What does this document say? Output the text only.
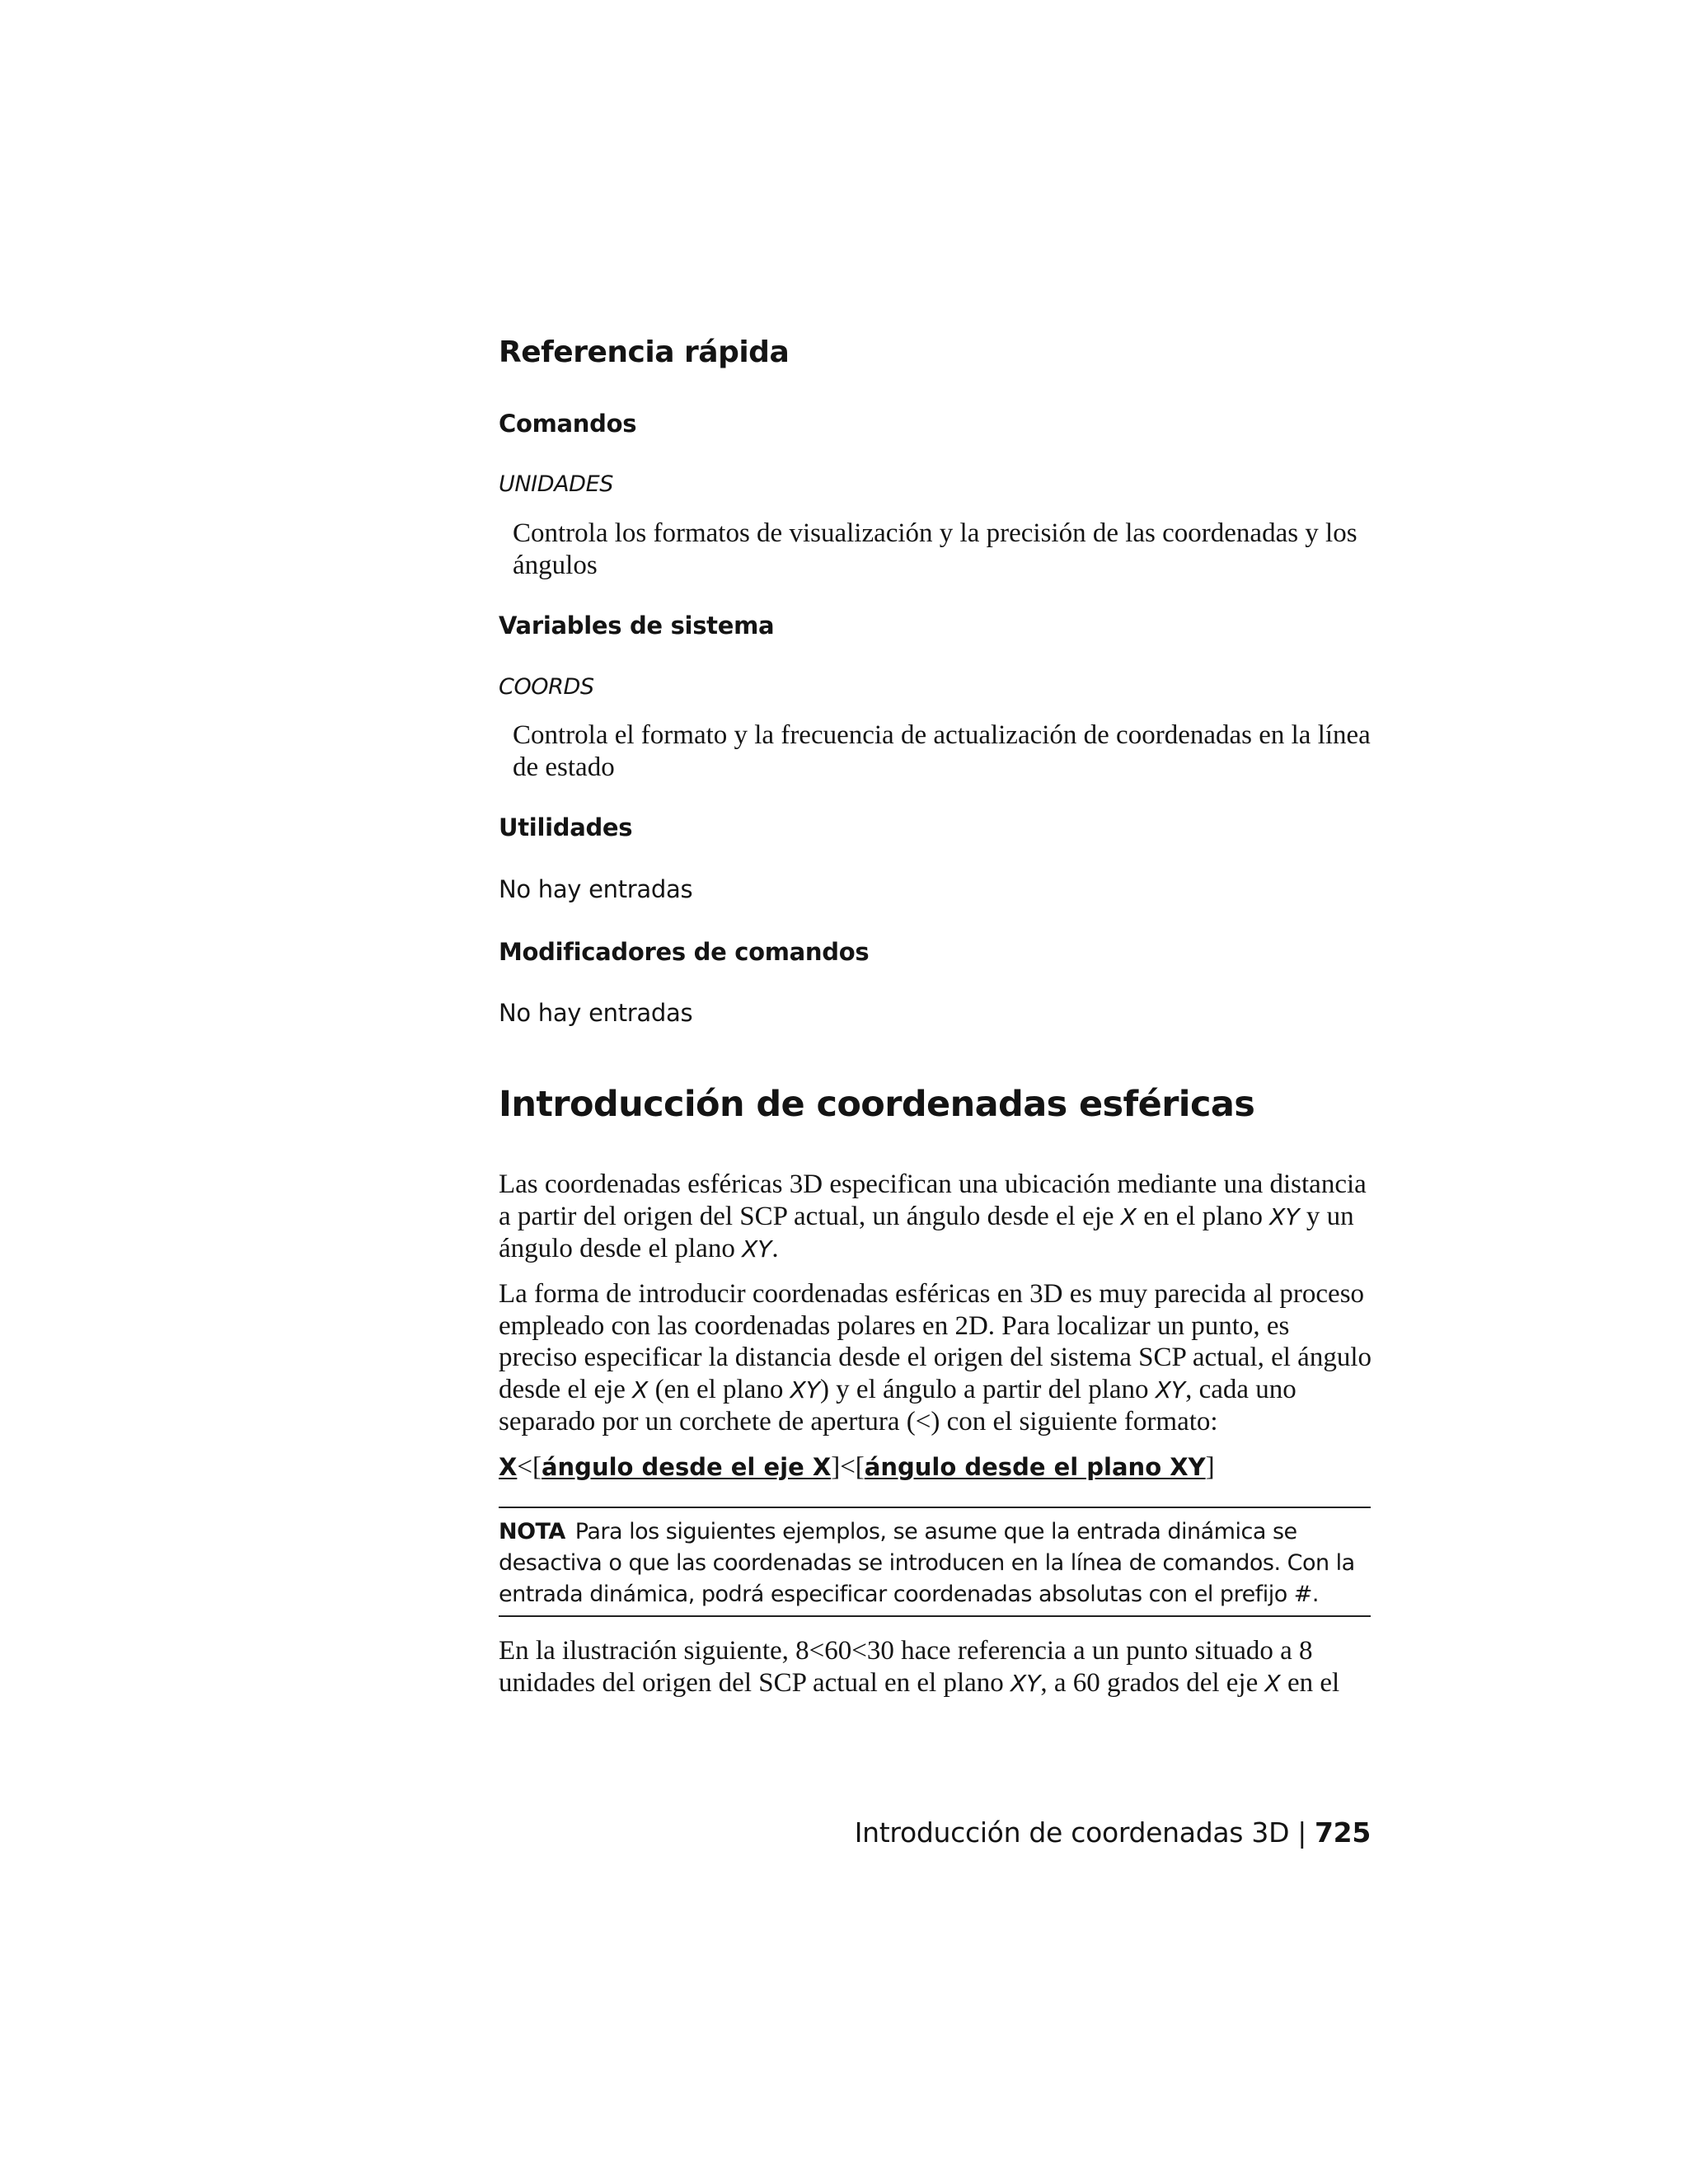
Referencia rápida
Comandos

UNIDADES

Controla los formatos de visualización y la precisión de las coordenadas y los ángulos

Variables de sistema

COORDS

Controla el formato y la frecuencia de actualización de coordenadas en la línea de estado

Utilidades

No hay entradas

Modificadores de comandos

No hay entradas

Introducción de coordenadas esféricas

Las coordenadas esféricas 3D especifican una ubicación mediante una distancia a partir del origen del SCP actual, un ángulo desde el eje X en el plano XY y un ángulo desde el plano XY.

La forma de introducir coordenadas esféricas en 3D es muy parecida al proceso empleado con las coordenadas polares en 2D. Para localizar un punto, es preciso especificar la distancia desde el origen del sistema SCP actual, el ángulo desde el eje X (en el plano XY) y el ángulo a partir del plano XY, cada uno separado por un corchete de apertura (<) con el siguiente formato:

X<[ángulo desde el eje X]<[ángulo desde el plano XY]

NOTA Para los siguientes ejemplos, se asume que la entrada dinámica se desactiva o que las coordenadas se introducen en la línea de comandos. Con la entrada dinámica, podrá especificar coordenadas absolutas con el prefijo #.

En la ilustración siguiente, 8<60<30 hace referencia a un punto situado a 8 unidades del origen del SCP actual en el plano XY, a 60 grados del eje X en el

Introducción de coordenadas 3D | 725
